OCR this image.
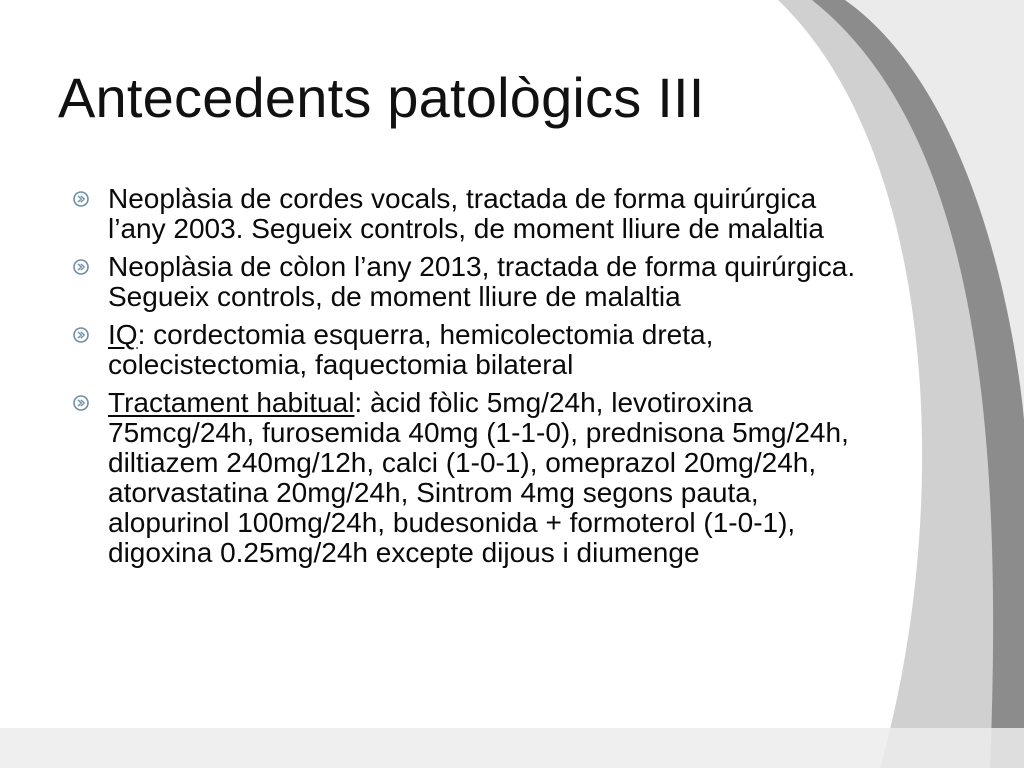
Antecedents patològics III
Neoplàsia de cordes vocals, tractada de forma quirúrgica l’any 2003. Segueix controls, de moment lliure de malaltia
Neoplàsia de còlon l’any 2013, tractada de forma quirúrgica. Segueix controls, de moment lliure de malaltia
IQ: cordectomia esquerra, hemicolectomia dreta, colecistectomia, faquectomia bilateral
Tractament habitual: àcid fòlic 5mg/24h, levotiroxina 75mcg/24h, furosemida 40mg (1-1-0), prednisona 5mg/24h, diltiazem 240mg/12h, calci (1-0-1), omeprazol 20mg/24h, atorvastatina 20mg/24h, Sintrom 4mg segons pauta, alopurinol 100mg/24h, budesonida + formoterol (1-0-1), digoxina 0.25mg/24h excepte dijous i diumenge
